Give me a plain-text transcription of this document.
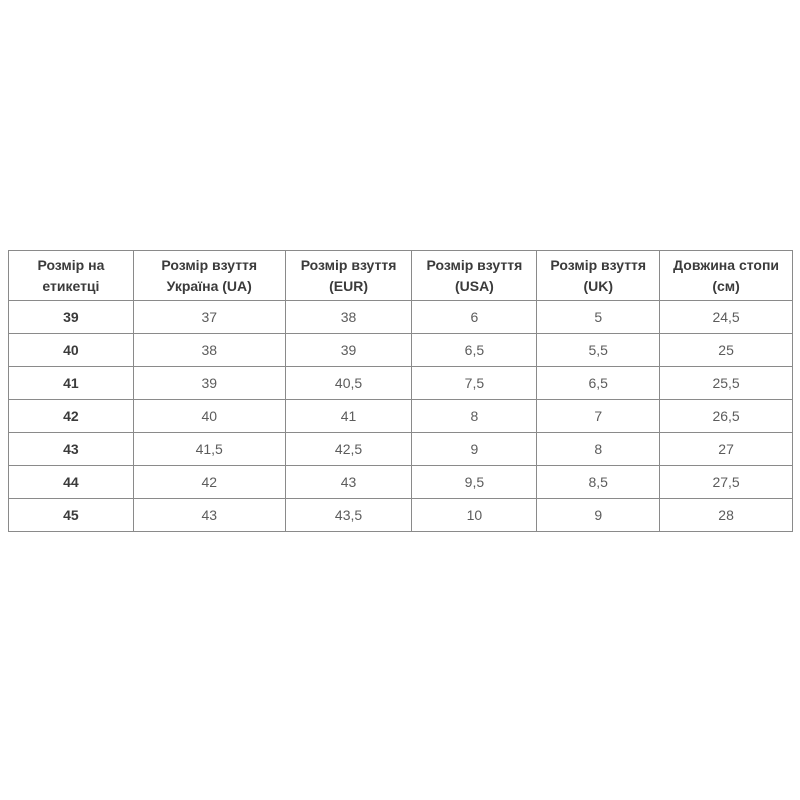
Розмір на етикетці	Розмір взуття Україна (UA)	Розмір взуття (EUR)	Розмір взуття (USA)	Розмір взуття (UK)	Довжина стопи (см)
39	37	38	6	5	24,5
40	38	39	6,5	5,5	25
41	39	40,5	7,5	6,5	25,5
42	40	41	8	7	26,5
43	41,5	42,5	9	8	27
44	42	43	9,5	8,5	27,5
45	43	43,5	10	9	28
